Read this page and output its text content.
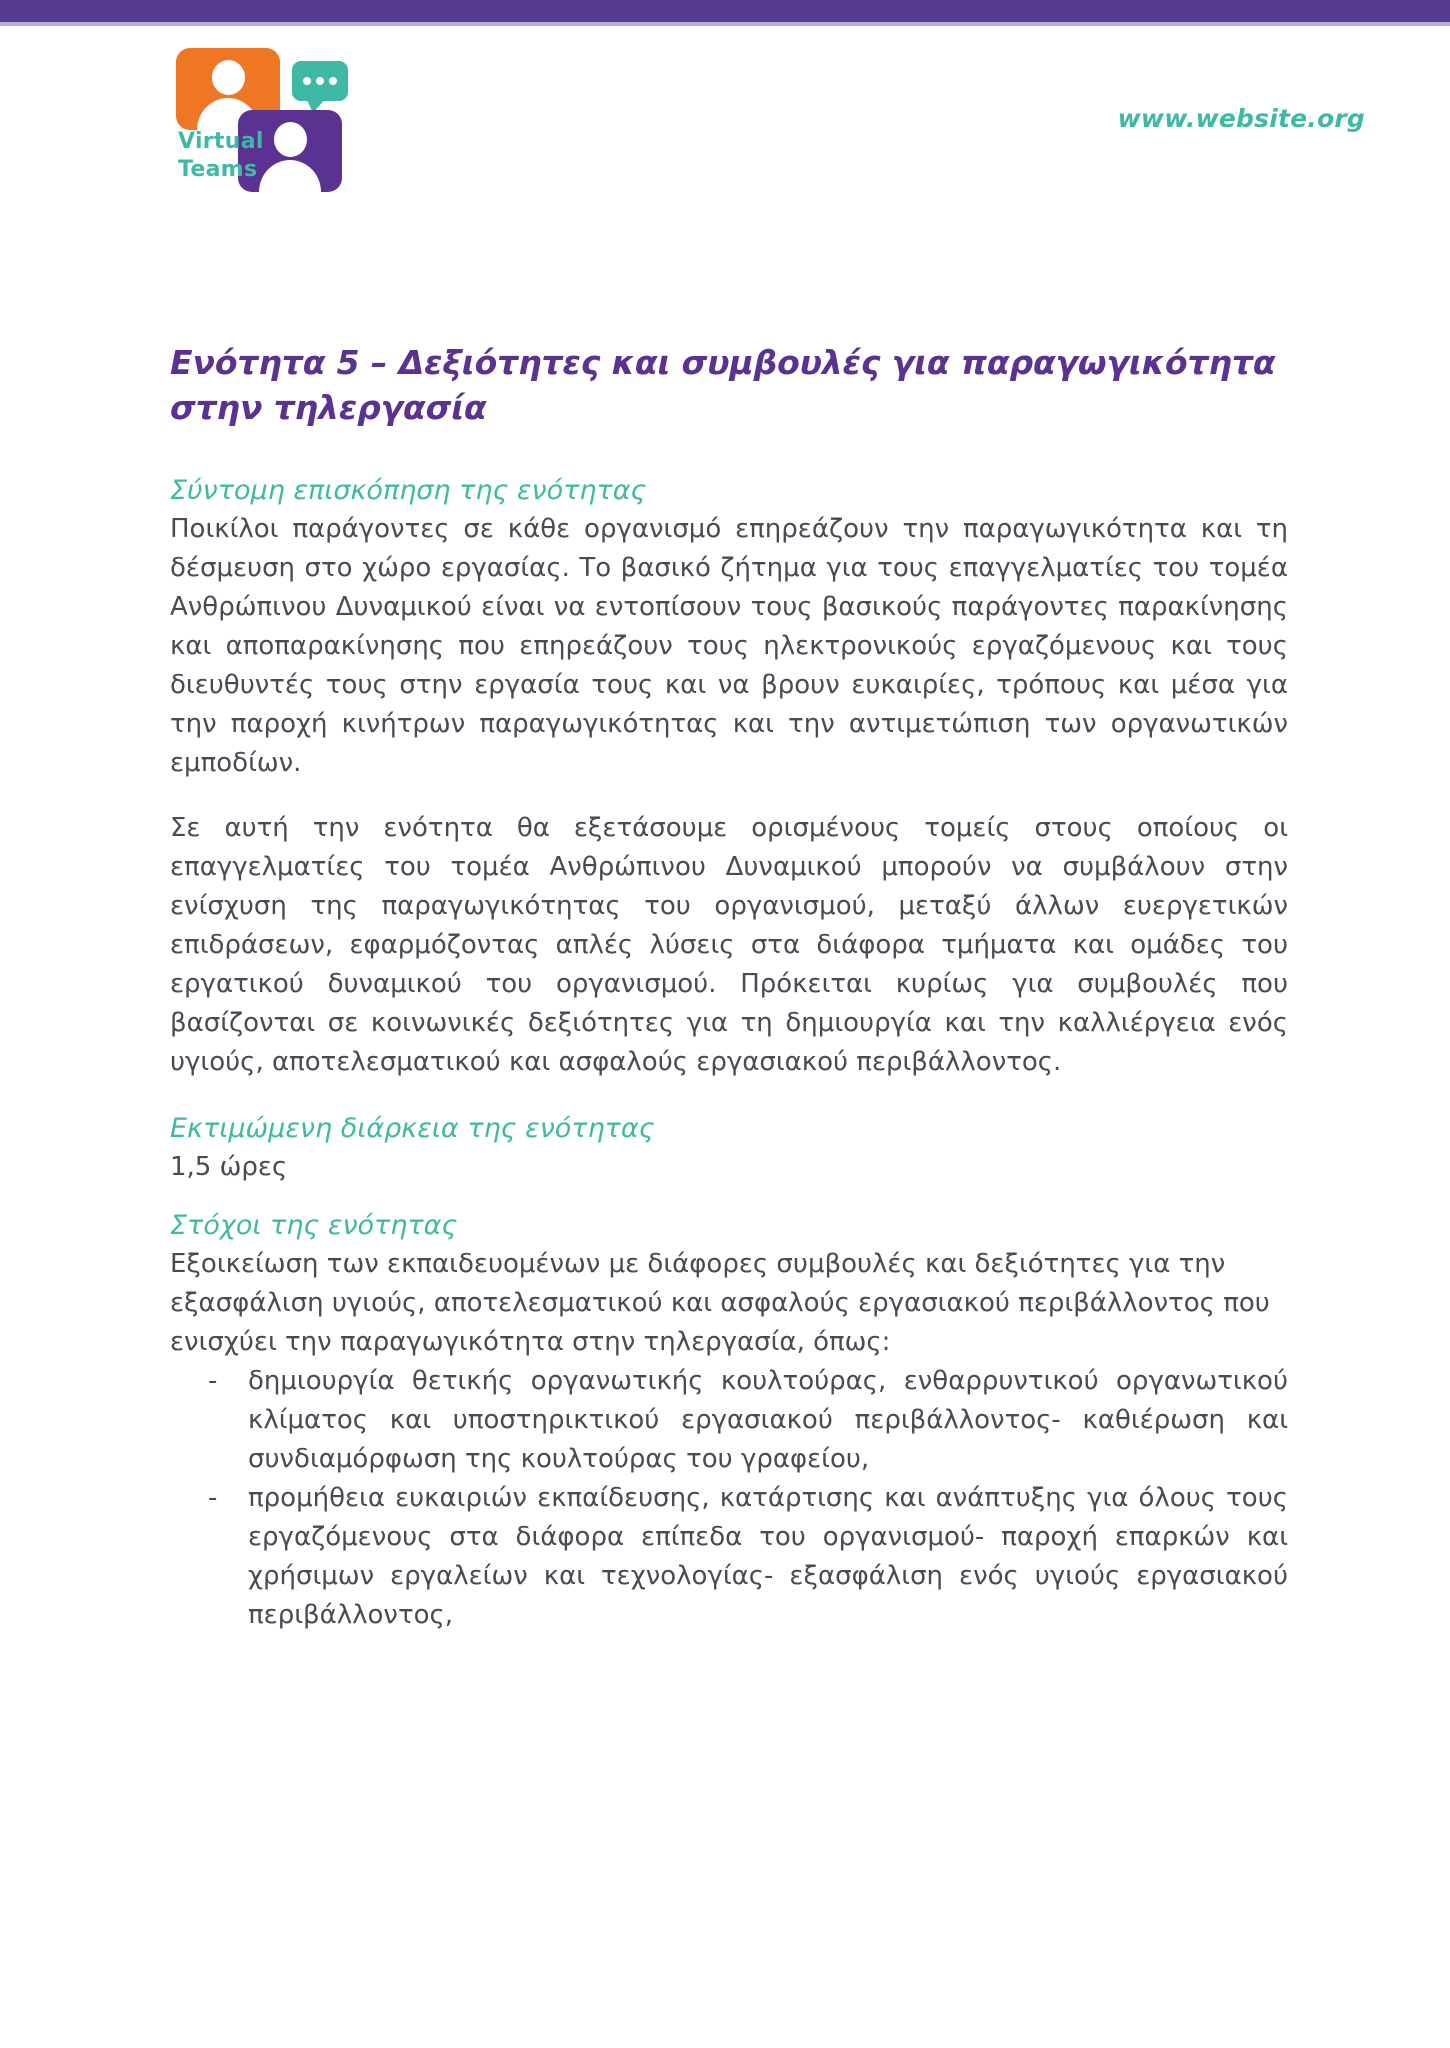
Virtual
Teams
www.website.org
Ενότητα 5 – Δεξιότητες και συμβουλές για παραγωγικότητα στην τηλεργασία
Σύντομη επισκόπηση της ενότητας

Ποικίλοι παράγοντες σε κάθε οργανισμό επηρεάζουν την παραγωγικότητα και τη δέσμευση στο χώρο εργασίας. Το βασικό ζήτημα για τους επαγγελματίες του τομέα Ανθρώπινου Δυναμικού είναι να εντοπίσουν τους βασικούς παράγοντες παρακίνησης και αποπαρακίνησης που επηρεάζουν τους ηλεκτρονικούς εργαζόμενους και τους διευθυντές τους στην εργασία τους και να βρουν ευκαιρίες, τρόπους και μέσα για την παροχή κινήτρων παραγωγικότητας και την αντιμετώπιση των οργανωτικών εμποδίων.

Σε αυτή την ενότητα θα εξετάσουμε ορισμένους τομείς στους οποίους οι επαγγελματίες του τομέα Ανθρώπινου Δυναμικού μπορούν να συμβάλουν στην ενίσχυση της παραγωγικότητας του οργανισμού, μεταξύ άλλων ευεργετικών επιδράσεων, εφαρμόζοντας απλές λύσεις στα διάφορα τμήματα και ομάδες του εργατικού δυναμικού του οργανισμού. Πρόκειται κυρίως για συμβουλές που βασίζονται σε κοινωνικές δεξιότητες για τη δημιουργία και την καλλιέργεια ενός υγιούς, αποτελεσματικού και ασφαλούς εργασιακού περιβάλλοντος.

Εκτιμώμενη διάρκεια της ενότητας

1,5 ώρες

Στόχοι της ενότητας

Εξοικείωση των εκπαιδευομένων με διάφορες συμβουλές και δεξιότητες για την εξασφάλιση υγιούς, αποτελεσματικού και ασφαλούς εργασιακού περιβάλλοντος που ενισχύει την παραγωγικότητα στην τηλεργασία, όπως:

- δημιουργία θετικής οργανωτικής κουλτούρας, ενθαρρυντικού οργανωτικού κλίματος και υποστηρικτικού εργασιακού περιβάλλοντος- καθιέρωση και συνδιαμόρφωση της κουλτούρας του γραφείου,
- προμήθεια ευκαιριών εκπαίδευσης, κατάρτισης και ανάπτυξης για όλους τους εργαζόμενους στα διάφορα επίπεδα του οργανισμού- παροχή επαρκών και χρήσιμων εργαλείων και τεχνολογίας- εξασφάλιση ενός υγιούς εργασιακού περιβάλλοντος,
